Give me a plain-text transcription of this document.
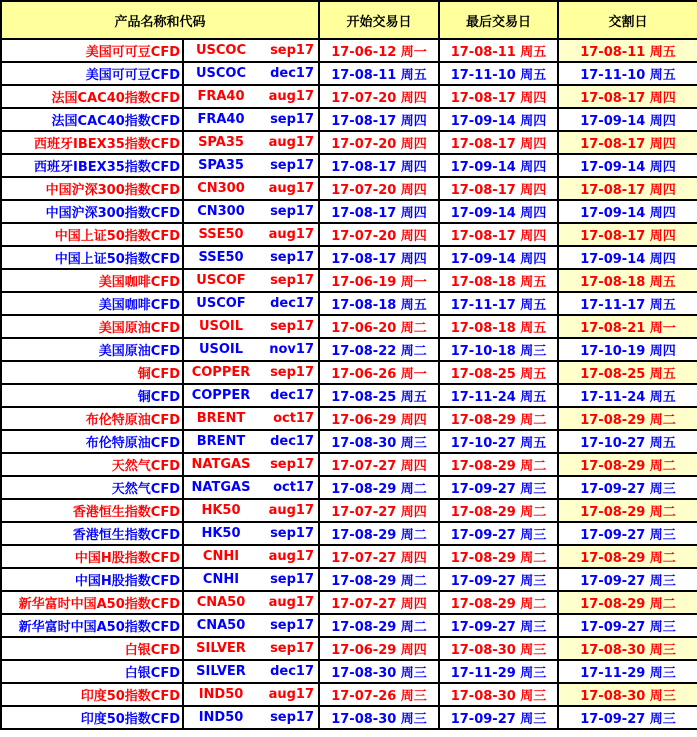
产品名称和代码			开始交易日	最后交易日	交割日
美国可可豆CFD	USCOC	sep17	17-06-12 周一	17-08-11 周五	17-08-11 周五
美国可可豆CFD	USCOC	dec17	17-08-11 周五	17-11-10 周五	17-11-10 周五
法国CAC40指数CFD	FRA40	aug17	17-07-20 周四	17-08-17 周四	17-08-17 周四
法国CAC40指数CFD	FRA40	sep17	17-08-17 周四	17-09-14 周四	17-09-14 周四
西班牙IBEX35指数CFD	SPA35	aug17	17-07-20 周四	17-08-17 周四	17-08-17 周四
西班牙IBEX35指数CFD	SPA35	sep17	17-08-17 周四	17-09-14 周四	17-09-14 周四
中国沪深300指数CFD	CN300	aug17	17-07-20 周四	17-08-17 周四	17-08-17 周四
中国沪深300指数CFD	CN300	sep17	17-08-17 周四	17-09-14 周四	17-09-14 周四
中国上证50指数CFD	SSE50	aug17	17-07-20 周四	17-08-17 周四	17-08-17 周四
中国上证50指数CFD	SSE50	sep17	17-08-17 周四	17-09-14 周四	17-09-14 周四
美国咖啡CFD	USCOF	sep17	17-06-19 周一	17-08-18 周五	17-08-18 周五
美国咖啡CFD	USCOF	dec17	17-08-18 周五	17-11-17 周五	17-11-17 周五
美国原油CFD	USOIL	sep17	17-06-20 周二	17-08-18 周五	17-08-21 周一
美国原油CFD	USOIL	nov17	17-08-22 周二	17-10-18 周三	17-10-19 周四
铜CFD	COPPER	sep17	17-06-26 周一	17-08-25 周五	17-08-25 周五
铜CFD	COPPER	dec17	17-08-25 周五	17-11-24 周五	17-11-24 周五
布伦特原油CFD	BRENT	oct17	17-06-29 周四	17-08-29 周二	17-08-29 周二
布伦特原油CFD	BRENT	dec17	17-08-30 周三	17-10-27 周五	17-10-27 周五
天然气CFD	NATGAS	sep17	17-07-27 周四	17-08-29 周二	17-08-29 周二
天然气CFD	NATGAS	oct17	17-08-29 周二	17-09-27 周三	17-09-27 周三
香港恒生指数CFD	HK50	aug17	17-07-27 周四	17-08-29 周二	17-08-29 周二
香港恒生指数CFD	HK50	sep17	17-08-29 周二	17-09-27 周三	17-09-27 周三
中国H股指数CFD	CNHI	aug17	17-07-27 周四	17-08-29 周二	17-08-29 周二
中国H股指数CFD	CNHI	sep17	17-08-29 周二	17-09-27 周三	17-09-27 周三
新华富时中国A50指数CFD	CNA50	aug17	17-07-27 周四	17-08-29 周二	17-08-29 周二
新华富时中国A50指数CFD	CNA50	sep17	17-08-29 周二	17-09-27 周三	17-09-27 周三
白银CFD	SILVER	sep17	17-06-29 周四	17-08-30 周三	17-08-30 周三
白银CFD	SILVER	dec17	17-08-30 周三	17-11-29 周三	17-11-29 周三
印度50指数CFD	IND50	aug17	17-07-26 周三	17-08-30 周三	17-08-30 周三
印度50指数CFD	IND50	sep17	17-08-30 周三	17-09-27 周三	17-09-27 周三
